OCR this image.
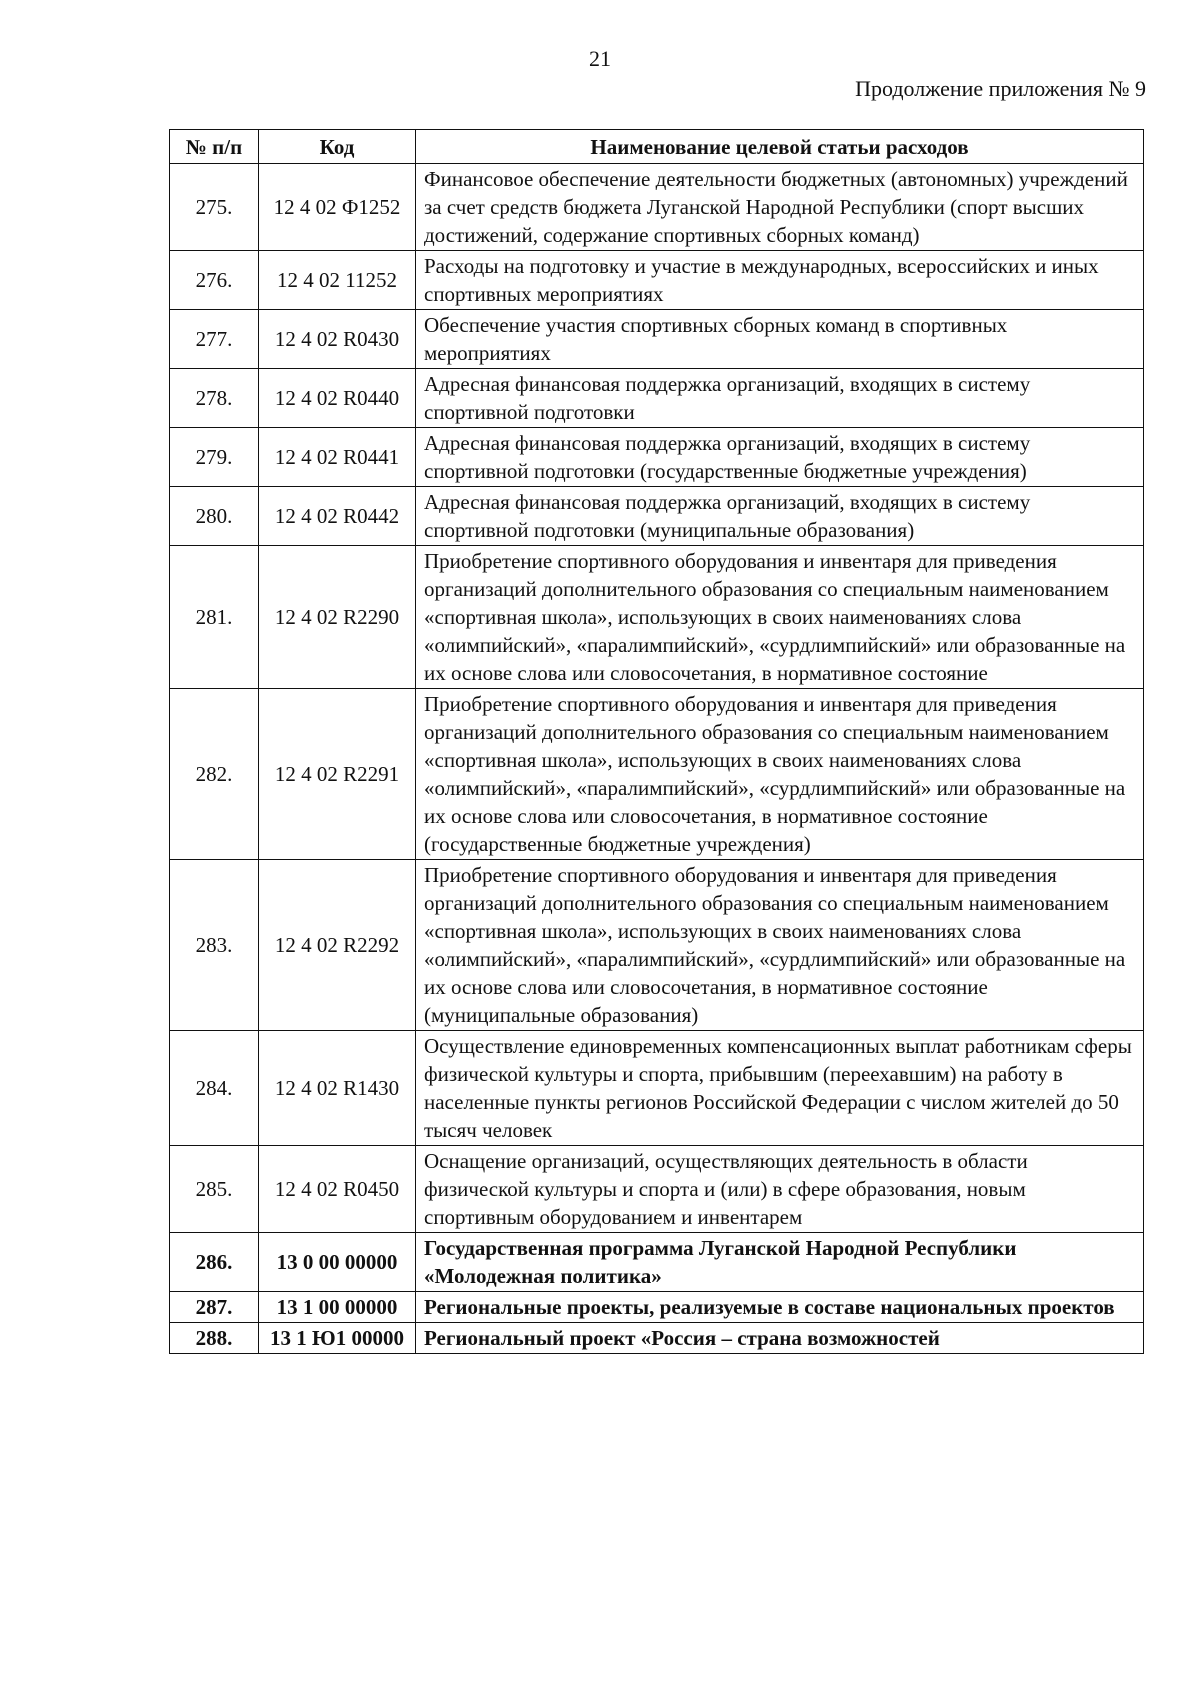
21
Продолжение приложения № 9
№ п/п	Код	Наименование целевой статьи расходов
275.	12 4 02 Ф1252	Финансовое обеспечение деятельности бюджетных (автономных) учреждений за счет средств бюджета Луганской Народной Республики (спорт высших достижений, содержание спортивных сборных команд)
276.	12 4 02 11252	Расходы на подготовку и участие в международных, всероссийских и иных спортивных мероприятиях
277.	12 4 02 R0430	Обеспечение участия спортивных сборных команд в спортивных мероприятиях
278.	12 4 02 R0440	Адресная финансовая поддержка организаций, входящих в систему спортивной подготовки
279.	12 4 02 R0441	Адресная финансовая поддержка организаций, входящих в систему спортивной подготовки (государственные бюджетные учреждения)
280.	12 4 02 R0442	Адресная финансовая поддержка организаций, входящих в систему спортивной подготовки (муниципальные образования)
281.	12 4 02 R2290	Приобретение спортивного оборудования и инвентаря для приведения организаций дополнительного образования со специальным наименованием «спортивная школа», использующих в своих наименованиях слова «олимпийский», «паралимпийский», «сурдлимпийский» или образованные на их основе слова или словосочетания, в нормативное состояние
282.	12 4 02 R2291	Приобретение спортивного оборудования и инвентаря для приведения организаций дополнительного образования со специальным наименованием «спортивная школа», использующих в своих наименованиях слова «олимпийский», «паралимпийский», «сурдлимпийский» или образованные на их основе слова или словосочетания, в нормативное состояние (государственные бюджетные учреждения)
283.	12 4 02 R2292	Приобретение спортивного оборудования и инвентаря для приведения организаций дополнительного образования со специальным наименованием «спортивная школа», использующих в своих наименованиях слова «олимпийский», «паралимпийский», «сурдлимпийский» или образованные на их основе слова или словосочетания, в нормативное состояние (муниципальные образования)
284.	12 4 02 R1430	Осуществление единовременных компенсационных выплат работникам сферы физической культуры и спорта, прибывшим (переехавшим) на работу в населенные пункты регионов Российской Федерации с числом жителей до 50 тысяч человек
285.	12 4 02 R0450	Оснащение организаций, осуществляющих деятельность в области физической культуры и спорта и (или) в сфере образования, новым спортивным оборудованием и инвентарем
286.	13 0 00 00000	Государственная программа Луганской Народной Республики «Молодежная политика»
287.	13 1 00 00000	Региональные проекты, реализуемые в составе национальных проектов
288.	13 1 Ю1 00000	Региональный проект «Россия – страна возможностей
